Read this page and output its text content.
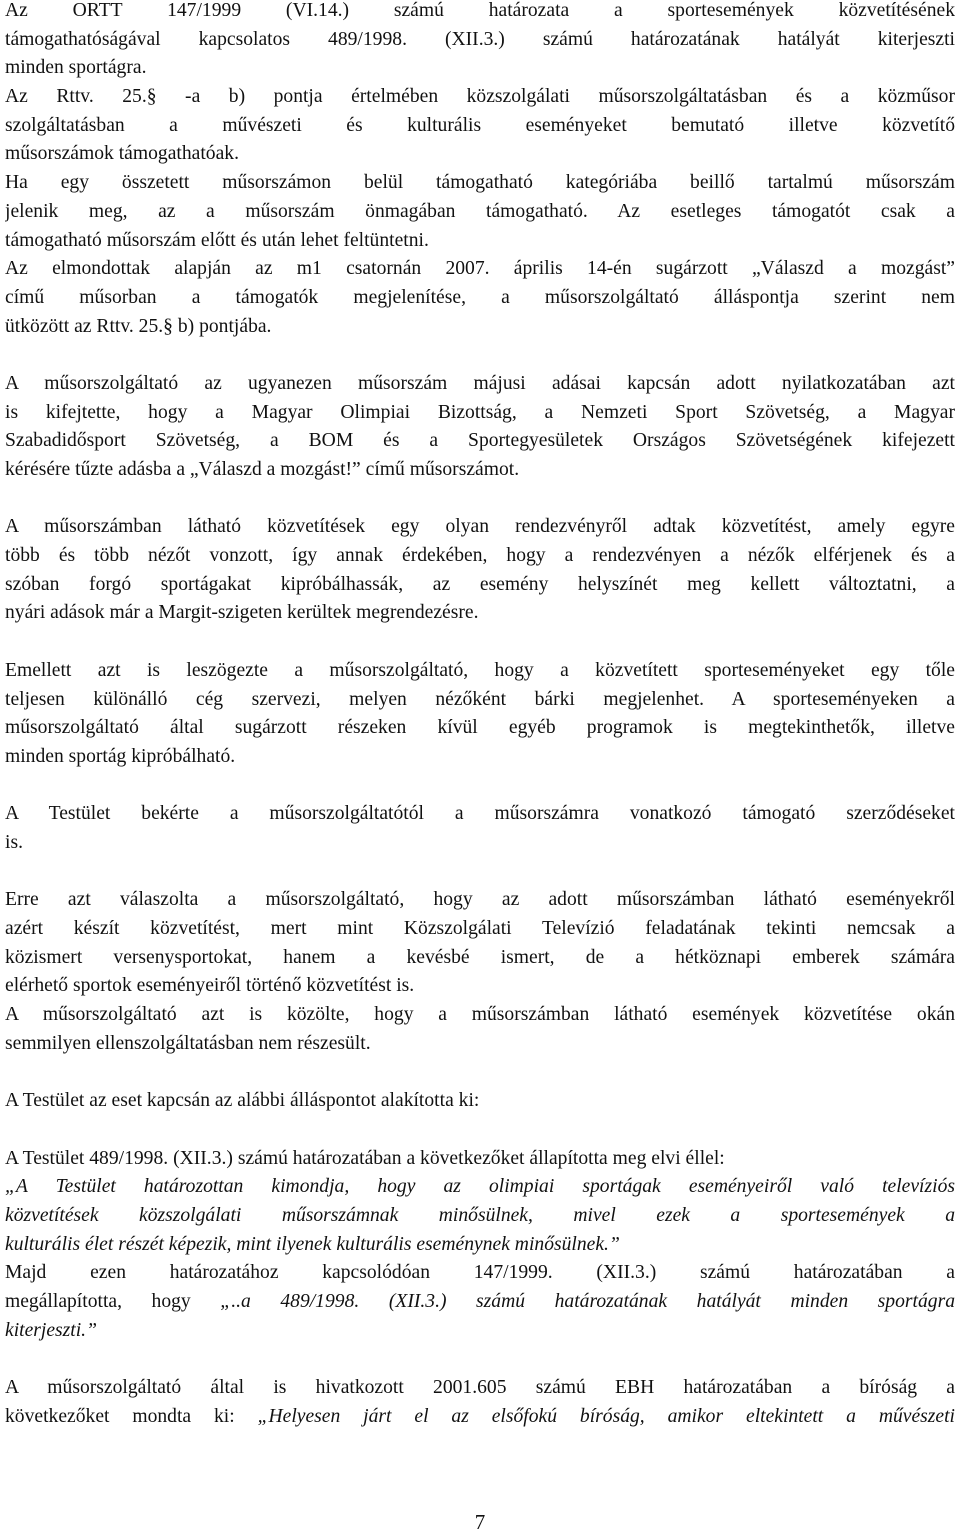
Az ORTT 147/1999 (VI.14.) számú határozata a sportesemények közvetítésének
támogathatóságával kapcsolatos 489/1998. (XII.3.) számú határozatának hatályát kiterjeszti
minden sportágra.
Az Rttv. 25.§ -a b) pontja értelmében közszolgálati műsorszolgáltatásban és a közműsor
szolgáltatásban a művészeti és kulturális eseményeket bemutató illetve közvetítő
műsorszámok támogathatóak.
Ha egy összetett műsorszámon belül támogatható kategóriába beillő tartalmú műsorszám
jelenik meg, az a műsorszám önmagában támogatható. Az esetleges támogatót csak a
támogatható műsorszám előtt és után lehet feltüntetni.
Az elmondottak alapján az m1 csatornán 2007. április 14-én sugárzott „Válaszd a mozgást”
című műsorban a támogatók megjelenítése, a műsorszolgáltató álláspontja szerint nem
ütközött az Rttv. 25.§ b) pontjába.
A műsorszolgáltató az ugyanezen műsorszám májusi adásai kapcsán adott nyilatkozatában azt
is kifejtette, hogy a Magyar Olimpiai Bizottság, a Nemzeti Sport Szövetség, a Magyar
Szabadidősport Szövetség, a BOM és a Sportegyesületek Országos Szövetségének kifejezett
kérésére tűzte adásba a „Válaszd a mozgást!” című műsorszámot.
A műsorszámban látható közvetítések egy olyan rendezvényről adtak közvetítést, amely egyre
több és több nézőt vonzott, így annak érdekében, hogy a rendezvényen a nézők elférjenek és a
szóban forgó sportágakat kipróbálhassák, az esemény helyszínét meg kellett változtatni, a
nyári adások már a Margit-szigeten kerültek megrendezésre.
Emellett azt is leszögezte a műsorszolgáltató, hogy a közvetített sporteseményeket egy tőle
teljesen különálló cég szervezi, melyen nézőként bárki megjelenhet. A sporteseményeken a
műsorszolgáltató által sugárzott részeken kívül egyéb programok is megtekinthetők, illetve
minden sportág kipróbálható.
A Testület bekérte a műsorszolgáltatótól a műsorszámra vonatkozó támogató szerződéseket
is.
Erre azt válaszolta a műsorszolgáltató, hogy az adott műsorszámban látható eseményekről
azért készít közvetítést, mert mint Közszolgálati Televízió feladatának tekinti nemcsak a
közismert versenysportokat, hanem a kevésbé ismert, de a hétköznapi emberek számára
elérhető sportok eseményeiről történő közvetítést is.
A műsorszolgáltató azt is közölte, hogy a műsorszámban látható események közvetítése okán
semmilyen ellenszolgáltatásban nem részesült.
A Testület az eset kapcsán az alábbi álláspontot alakította ki:
A Testület 489/1998. (XII.3.) számú határozatában a következőket állapította meg elvi éllel:
„A Testület határozottan kimondja, hogy az olimpiai sportágak eseményeiről való televíziós
közvetítések közszolgálati műsorszámnak minősülnek, mivel ezek a sportesemények a
kulturális élet részét képezik, mint ilyenek kulturális eseménynek minősülnek.”
Majd ezen határozatához kapcsolódóan 147/1999. (XII.3.) számú határozatában a
megállapította, hogy „..a 489/1998. (XII.3.) számú határozatának hatályát minden sportágra
kiterjeszti.”
A műsorszolgáltató által is hivatkozott 2001.605 számú EBH határozatában a bíróság a
következőket mondta ki: „Helyesen járt el az elsőfokú bíróság, amikor eltekintett a művészeti
7
